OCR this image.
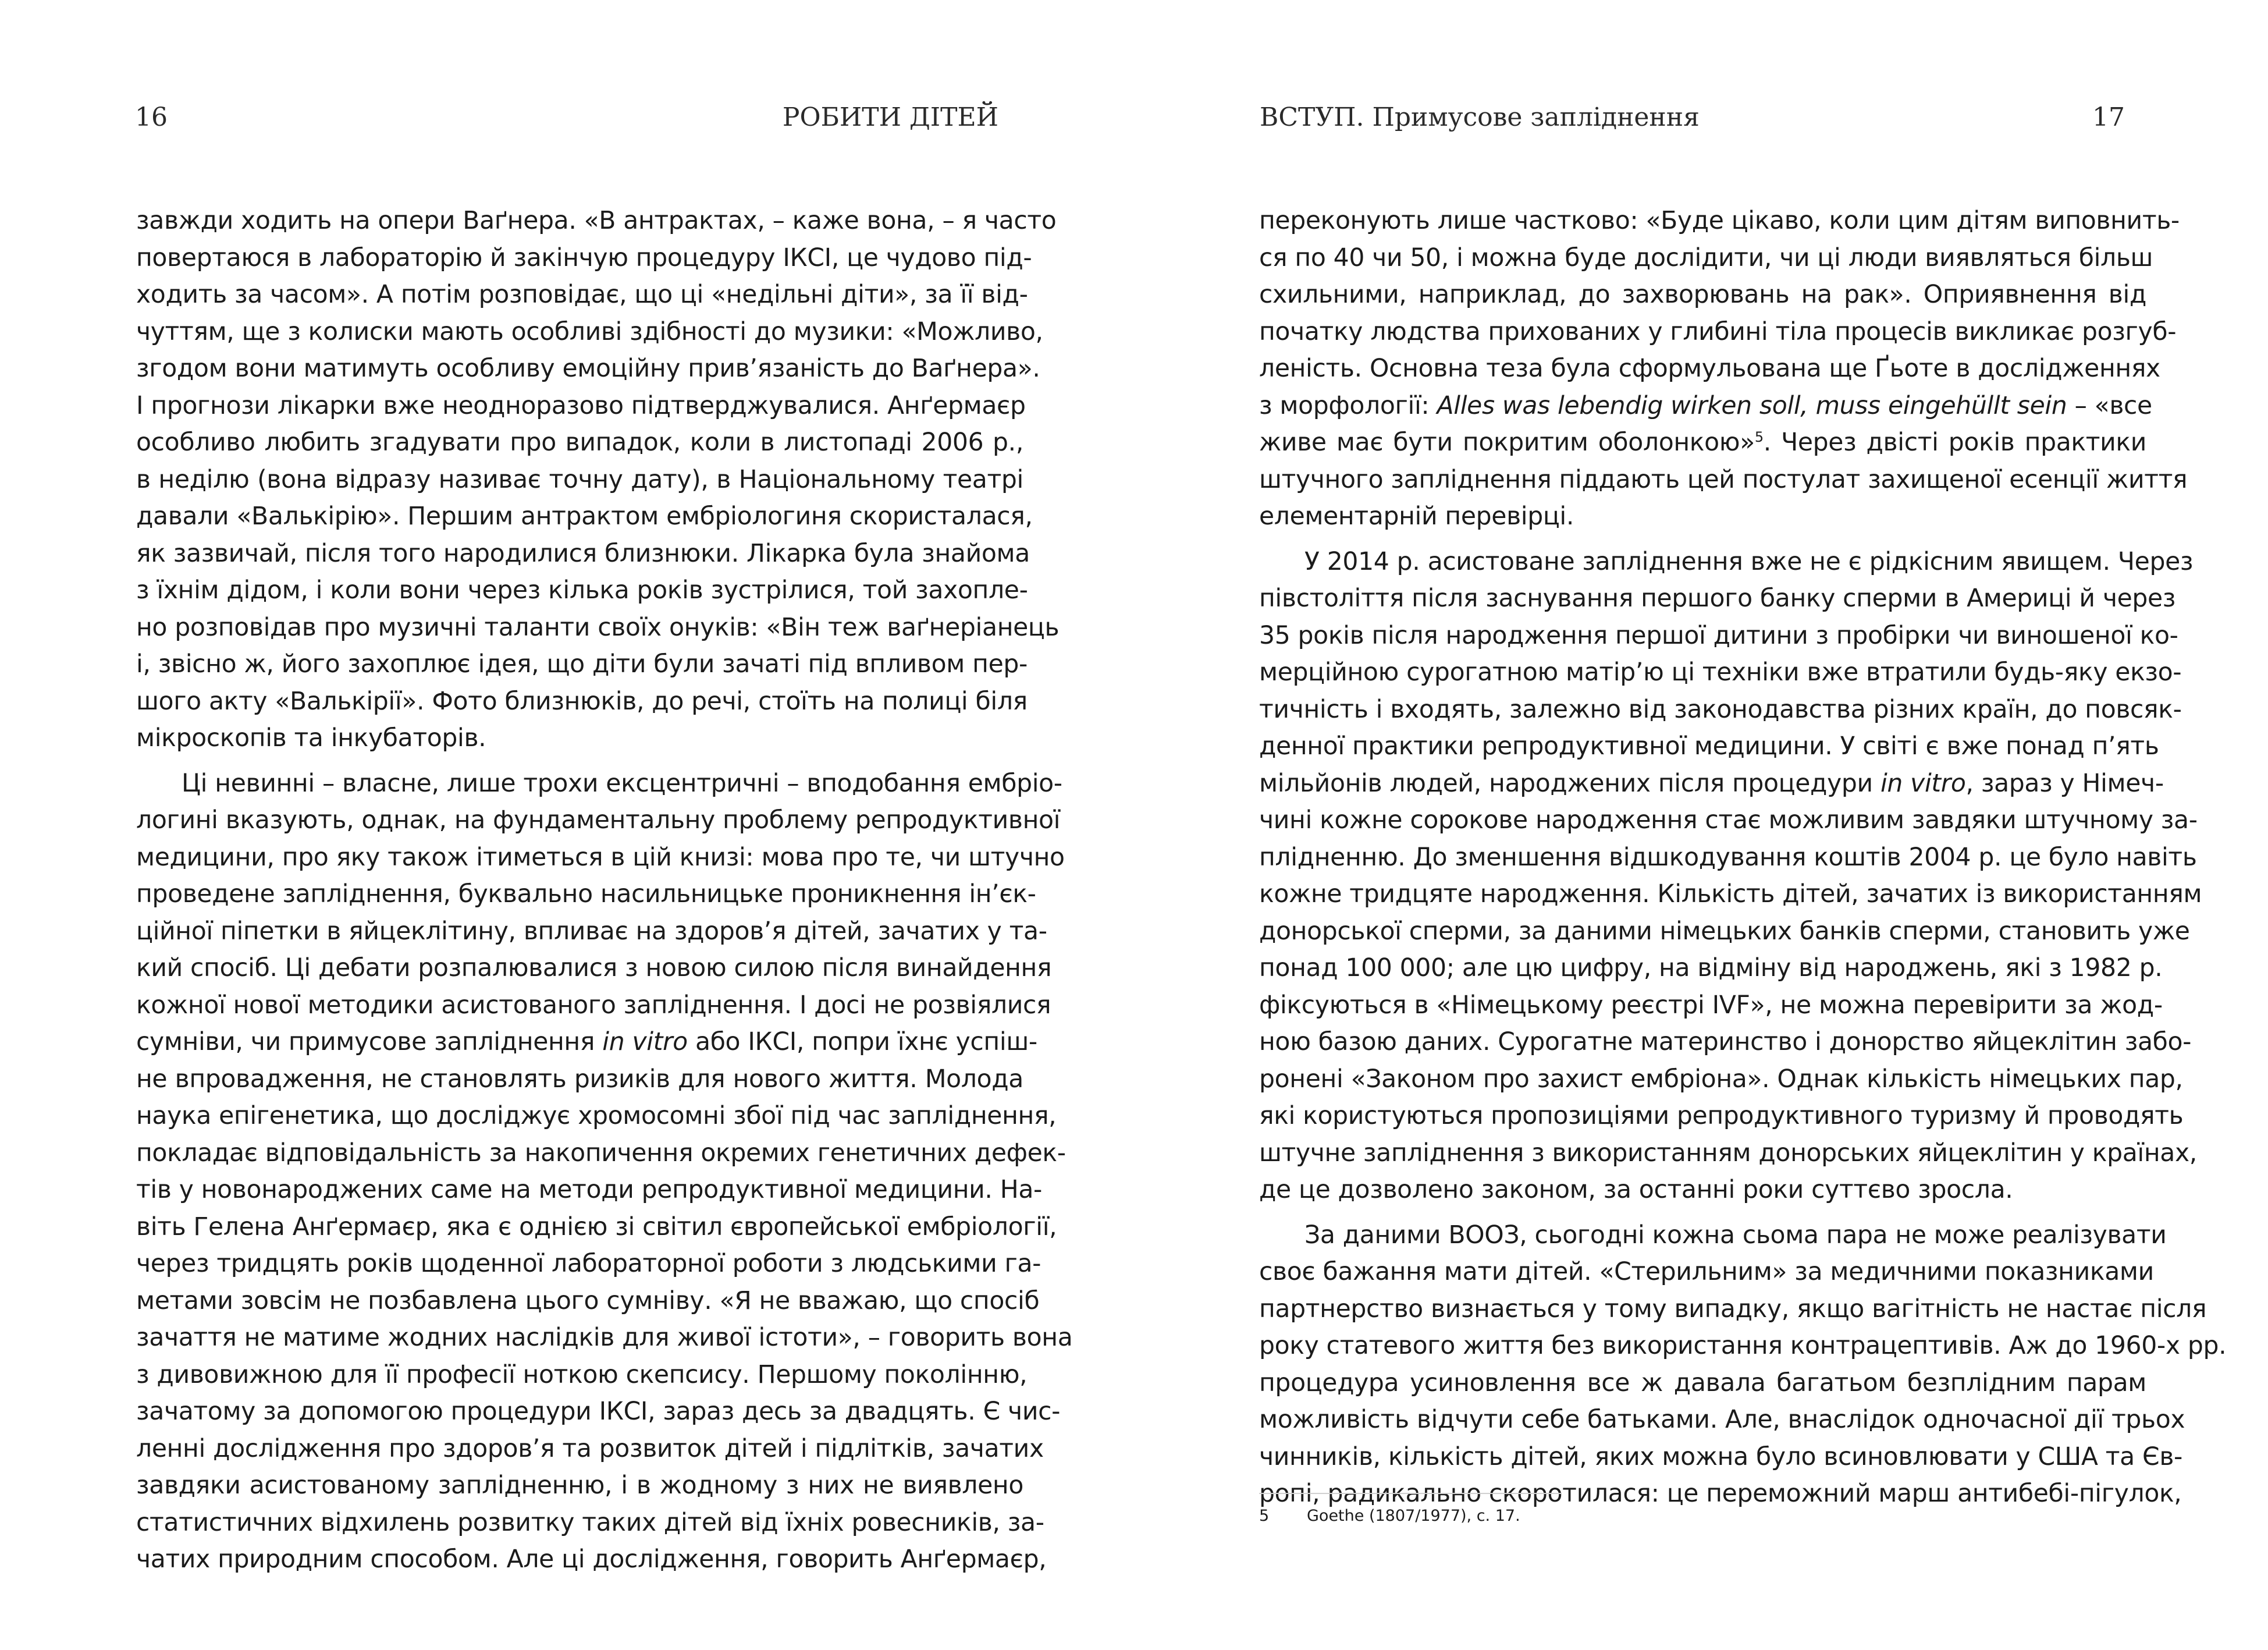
16	РОБИТИ ДІТЕЙ
завжди ходить на опери Ваґнера. «В антрактах, – каже вона, – я часто
повертаюся в лабораторію й закінчую процедуру ІКСІ, це чудово під-
ходить за часом». А потім розповідає, що ці «недільні діти», за її від-
чуттям, ще з колиски мають особливі здібності до музики: «Можливо,
згодом вони матимуть особливу емоційну прив’язаність до Ваґнера».
І прогнози лікарки вже неодноразово підтверджувалися. Анґермаєр
особливо любить згадувати про випадок, коли в листопаді 2006 р.,
в неділю (вона відразу називає точну дату), в Національному театрі
давали «Валькірію». Першим антрактом ембріологиня скористалася,
як зазвичай, після того народилися близнюки. Лікарка була знайома
з їхнім дідом, і коли вони через кілька років зустрілися, той захопле-
но розповідав про музичні таланти своїх онуків: «Він теж ваґнеріанець
і, звісно ж, його захоплює ідея, що діти були зачаті під впливом пер-
шого акту «Валькірії». Фото близнюків, до речі, стоїть на полиці біля
мікроскопів та інкубаторів.
Ці невинні – власне, лише трохи ексцентричні – вподобання ембріо-
логині вказують, однак, на фундаментальну проблему репродуктивної
медицини, про яку також ітиметься в цій книзі: мова про те, чи штучно
проведене запліднення, буквально насильницьке проникнення ін’єк-
ційної піпетки в яйцеклітину, впливає на здоров’я дітей, зачатих у та-
кий спосіб. Ці дебати розпалювалися з новою силою після винайдення
кожної нової методики асистованого запліднення. І досі не розвіялися
сумніви, чи примусове запліднення in vitro або ІКСІ, попри їхнє успіш-
не впровадження, не становлять ризиків для нового життя. Молода
наука епігенетика, що досліджує хромосомні збої під час запліднення,
покладає відповідальність за накопичення окремих генетичних дефек-
тів у новонароджених саме на методи репродуктивної медицини. На-
віть Гелена Анґермаєр, яка є однією зі світил європейської ембріології,
через тридцять років щоденної лабораторної роботи з людськими га-
метами зовсім не позбавлена цього сумніву. «Я не вважаю, що спосіб
зачаття не матиме жодних наслідків для живої істоти», – говорить вона
з дивовижною для її професії ноткою скепсису. Першому поколінню,
зачатому за допомогою процедури ІКСІ, зараз десь за двадцять. Є чис-
ленні дослідження про здоров’я та розвиток дітей і підлітків, зачатих
завдяки асистованому заплідненню, і в жодному з них не виявлено
статистичних відхилень розвитку таких дітей від їхніх ровесників, за-
чатих природним способом. Але ці дослідження, говорить Анґермаєр,
ВСТУП. Примусове запліднення	17
переконують лише частково: «Буде цікаво, коли цим дітям виповнить-
ся по 40 чи 50, і можна буде дослідити, чи ці люди виявляться більш
схильними, наприклад, до захворювань на рак». Оприявнення від
початку людства прихованих у глибині тіла процесів викликає розгуб-
леність. Основна теза була сформульована ще Ґьоте в дослідженнях
з морфології: Alles was lebendig wirken soll, muss eingehüllt sein – «все
живе має бути покритим оболонкою»$^5$. Через двісті років практики
штучного запліднення піддають цей постулат захищеної есенції життя
елементарній перевірці.
У 2014 р. асистоване запліднення вже не є рідкісним явищем. Через
півстоліття після заснування першого банку сперми в Америці й через
35 років після народження першої дитини з пробірки чи виношеної ко-
мерційною сурогатною матір’ю ці техніки вже втратили будь-яку екзо-
тичність і входять, залежно від законодавства різних країн, до повсяк-
денної практики репродуктивної медицини. У світі є вже понад п’ять
мільйонів людей, народжених після процедури in vitro, зараз у Німеч-
чині кожне сорокове народження стає можливим завдяки штучному за-
плідненню. До зменшення відшкодування коштів 2004 р. це було навіть
кожне тридцяте народження. Кількість дітей, зачатих із використанням
донорської сперми, за даними німецьких банків сперми, становить уже
понад 100 000; але цю цифру, на відміну від народжень, які з 1982 р.
фіксуються в «Німецькому реєстрі IVF», не можна перевірити за жод-
ною базою даних. Сурогатне материнство і донорство яйцеклітин забо-
ронені «Законом про захист ембріона». Однак кількість німецьких пар,
які користуються пропозиціями репродуктивного туризму й проводять
штучне запліднення з використанням донорських яйцеклітин у країнах,
де це дозволено законом, за останні роки суттєво зросла.
За даними ВООЗ, сьогодні кожна сьома пара не може реалізувати
своє бажання мати дітей. «Стерильним» за медичними показниками
партнерство визнається у тому випадку, якщо вагітність не настає після
року статевого життя без використання контрацептивів. Аж до 1960-х рр.
процедура усиновлення все ж давала багатьом безплідним парам
можливість відчути себе батьками. Але, внаслідок одночасної дії трьох
чинників, кількість дітей, яких можна було всиновлювати у США та Єв-
ропі, радикально скоротилася: це переможний марш антибебі-пігулок,
5 Goethe (1807/1977), c. 17.
